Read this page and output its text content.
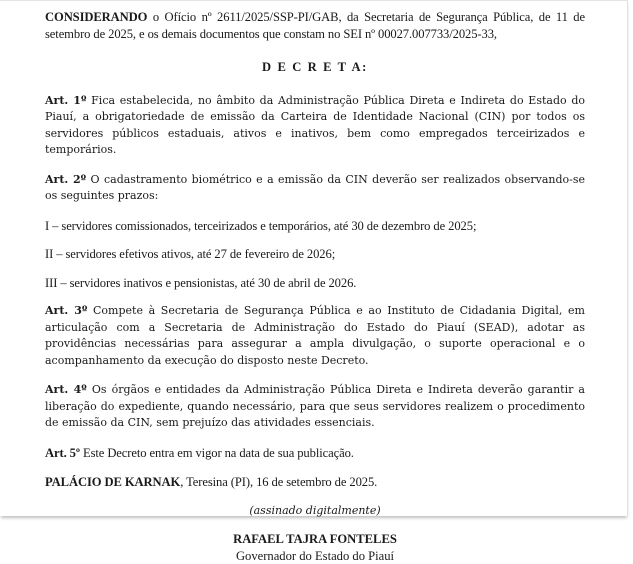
CONSIDERANDO o Ofício nº 2611/2025/SSP-PI/GAB, da Secretaria de Segurança Pública, de 11 de setembro de 2025, e os demais documentos que constam no SEI nº 00027.007733/2025-33,

D E C R E T A:

Art. 1º Fica estabelecida, no âmbito da Administração Pública Direta e Indireta do Estado do Piauí, a obrigatoriedade de emissão da Carteira de Identidade Nacional (CIN) por todos os servidores públicos estaduais, ativos e inativos, bem como empregados terceirizados e temporários.

Art. 2º O cadastramento biométrico e a emissão da CIN deverão ser realizados observando-se os seguintes prazos:

I – servidores comissionados, terceirizados e temporários, até 30 de dezembro de 2025;

II – servidores efetivos ativos, até 27 de fevereiro de 2026;

III – servidores inativos e pensionistas, até 30 de abril de 2026.

Art. 3º Compete à Secretaria de Segurança Pública e ao Instituto de Cidadania Digital, em articulação com a Secretaria de Administração do Estado do Piauí (SEAD), adotar as providências necessárias para assegurar a ampla divulgação, o suporte operacional e o acompanhamento da execução do disposto neste Decreto.

Art. 4º Os órgãos e entidades da Administração Pública Direta e Indireta deverão garantir a liberação do expediente, quando necessário, para que seus servidores realizem o procedimento de emissão da CIN, sem prejuízo das atividades essenciais.

Art. 5º Este Decreto entra em vigor na data de sua publicação.

PALÁCIO DE KARNAK, Teresina (PI), 16 de setembro de 2025.

(assinado digitalmente)

RAFAEL TAJRA FONTELES

Governador do Estado do Piauí
